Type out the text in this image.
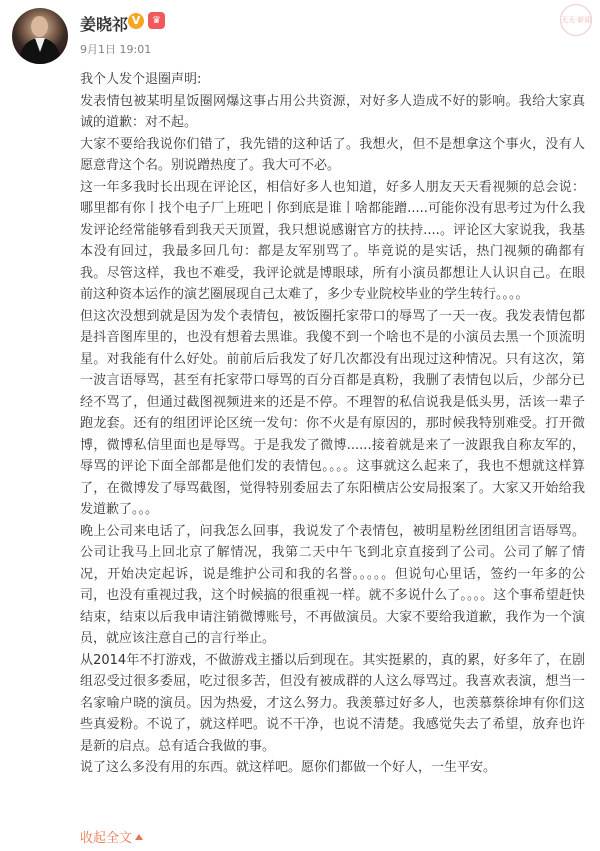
姜晓祁 V	♛
9月1日 19:01
天天·新闻

我个人发个退圈声明:

发表情包被某明星饭圈网爆这事占用公共资源，对好多人造成不好的影响。我给大家真诚的道歉：对不起。

大家不要给我说你们错了，我先错的这种话了。我想火，但不是想拿这个事火，没有人愿意背这个名。别说蹭热度了。我大可不必。

这一年多我时长出现在评论区，相信好多人也知道，好多人朋友天天看视频的总会说：哪里都有你丨找个电子厂上班吧丨你到底是谁丨啥都能蹭.....可能你没有思考过为什么我发评论经常能够看到我天天顶置，我只想说感谢官方的扶持....。评论区大家说我，我基本没有回过，我最多回几句：都是友军别骂了。毕竟说的是实话，热门视频的确都有我。尽管这样，我也不难受，我评论就是博眼球，所有小演员都想让人认识自己。在眼前这种资本运作的演艺圈展现自己太难了，多少专业院校毕业的学生转行。。。。

但这次没想到就是因为发个表情包，被饭圈托家带口的辱骂了一天一夜。我发表情包都是抖音图库里的，也没有想着去黑谁。我傻不到一个啥也不是的小演员去黑一个顶流明星。对我能有什么好处。前前后后我发了好几次都没有出现过这种情况。只有这次，第一波言语辱骂，甚至有托家带口辱骂的百分百都是真粉，我删了表情包以后，少部分已经不骂了，但通过截图视频进来的还是不停。不理智的私信说我是低头男，活该一辈子跑龙套。还有的组团评论区统一发句：你不火是有原因的，那时候我特别难受。打开微博，微博私信里面也是辱骂。于是我发了微博......接着就是来了一波跟我自称友军的，辱骂的评论下面全部都是他们发的表情包。。。。这事就这么起来了，我也不想就这样算了，在微博发了辱骂截图，觉得特别委屈去了东阳横店公安局报案了。大家又开始给我发道歉了。。。

晚上公司来电话了，问我怎么回事，我说发了个表情包，被明星粉丝团组团言语辱骂。公司让我马上回北京了解情况，我第二天中午飞到北京直接到了公司。公司了解了情况，开始决定起诉，说是维护公司和我的名誉。。。。。但说句心里话，签约一年多的公司，也没有重视过我，这个时候搞的很重视一样。就不多说什么了。。。。这个事希望赶快结束，结束以后我申请注销微博账号，不再做演员。大家不要给我道歉，我作为一个演员，就应该注意自己的言行举止。

从2014年不打游戏，不做游戏主播以后到现在。其实挺累的，真的累，好多年了，在剧组忍受过很多委屈，吃过很多苦，但没有被成群的人这么辱骂过。我喜欢表演，想当一名家喻户晓的演员。因为热爱，才这么努力。我羡慕过好多人，也羡慕蔡徐坤有你们这些真爱粉。不说了，就这样吧。说不干净，也说不清楚。我感觉失去了希望，放弃也许是新的启点。总有适合我做的事。

说了这么多没有用的东西。就这样吧。愿你们都做一个好人，一生平安。

收起全文
